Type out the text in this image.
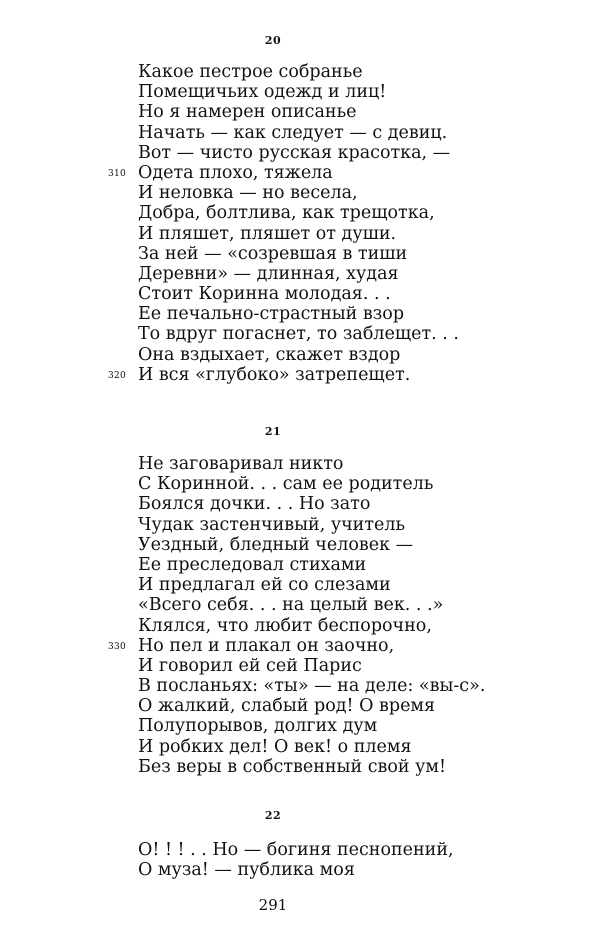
20
Какое пестрое собранье
Помещичьих одежд и лиц!
Но я намерен описанье
Начать — как следует — с девиц.
Вот — чисто русская красотка, —
310 Одета плохо, тяжела
И неловка — но весела,
Добра, болтлива, как трещотка,
И пляшет, пляшет от души.
За ней — «созревшая в тиши
Деревни» — длинная, худая
Стоит Коринна молодая. . .
Ее печально-страстный взор
То вдруг погаснет, то заблещет. . .
Она вздыхает, скажет вздор
320 И вся «глубоко» затрепещет.
21
Не заговаривал никто
С Коринной. . . сам ее родитель
Боялся дочки. . . Но зато
Чудак застенчивый, учитель
Уездный, бледный человек —
Ее преследовал стихами
И предлагал ей со слезами
«Всего себя. . . на целый век. . .»
Клялся, что любит беспорочно,
330 Но пел и плакал он заочно,
И говорил ей сей Парис
В посланьях: «ты» — на деле: «вы-с».
О жалкий, слабый род! О время
Полупорывов, долгих дум
И робких дел! О век! о племя
Без веры в собственный свой ум!
22
О! ! ! . . Но — богиня песнопений,
О муза! — публика моя
291
